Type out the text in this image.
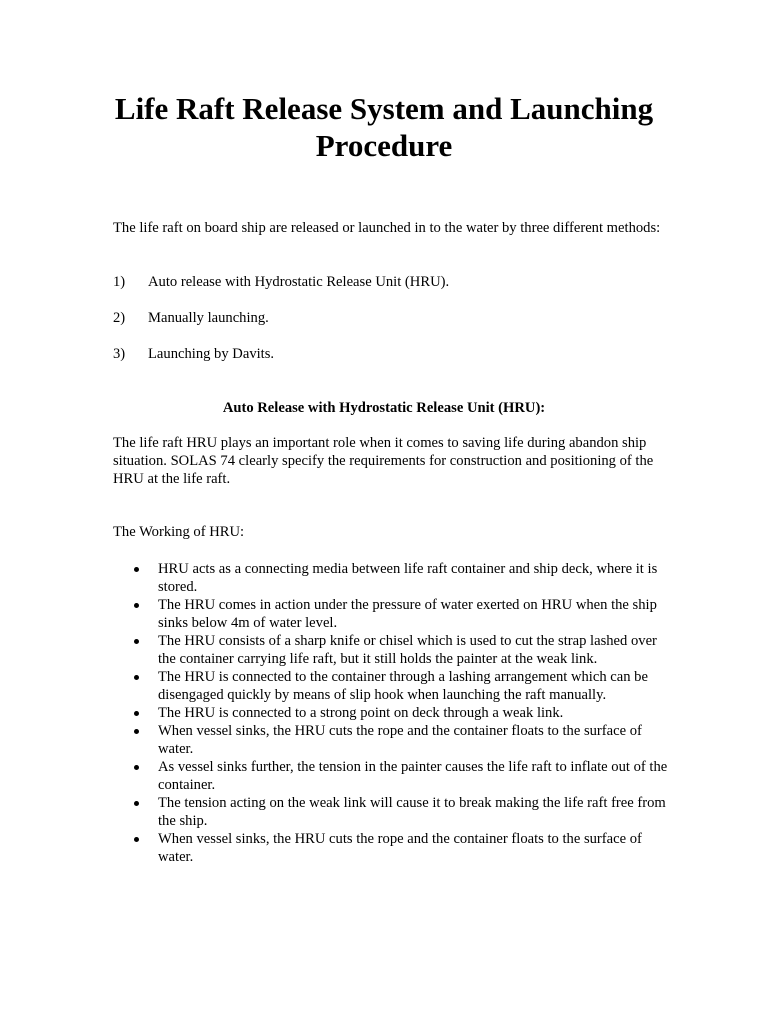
Life Raft Release System and Launching Procedure

The life raft on board ship are released or launched in to the water by three different methods:

1)	Auto release with Hydrostatic Release Unit (HRU).
2)	Manually launching.
3)	Launching by Davits.
Auto Release with Hydrostatic Release Unit (HRU):

The life raft HRU plays an important role when it comes to saving life during abandon ship situation. SOLAS 74 clearly specify the requirements for construction and positioning of the HRU at the life raft.

The Working of HRU:

HRU acts as a connecting media between life raft container and ship deck, where it is stored.
The HRU comes in action under the pressure of water exerted on HRU when the ship sinks below 4m of water level.
The HRU consists of a sharp knife or chisel which is used to cut the strap lashed over the container carrying life raft, but it still holds the painter at the weak link.
The HRU is connected to the container through a lashing arrangement which can be disengaged quickly by means of slip hook when launching the raft manually.
The HRU is connected to a strong point on deck through a weak link.
When vessel sinks, the HRU cuts the rope and the container floats to the surface of water.
As vessel sinks further, the tension in the painter causes the life raft to inflate out of the container.
The tension acting on the weak link will cause it to break making the life raft free from the ship.
When vessel sinks, the HRU cuts the rope and the container floats to the surface of water.
